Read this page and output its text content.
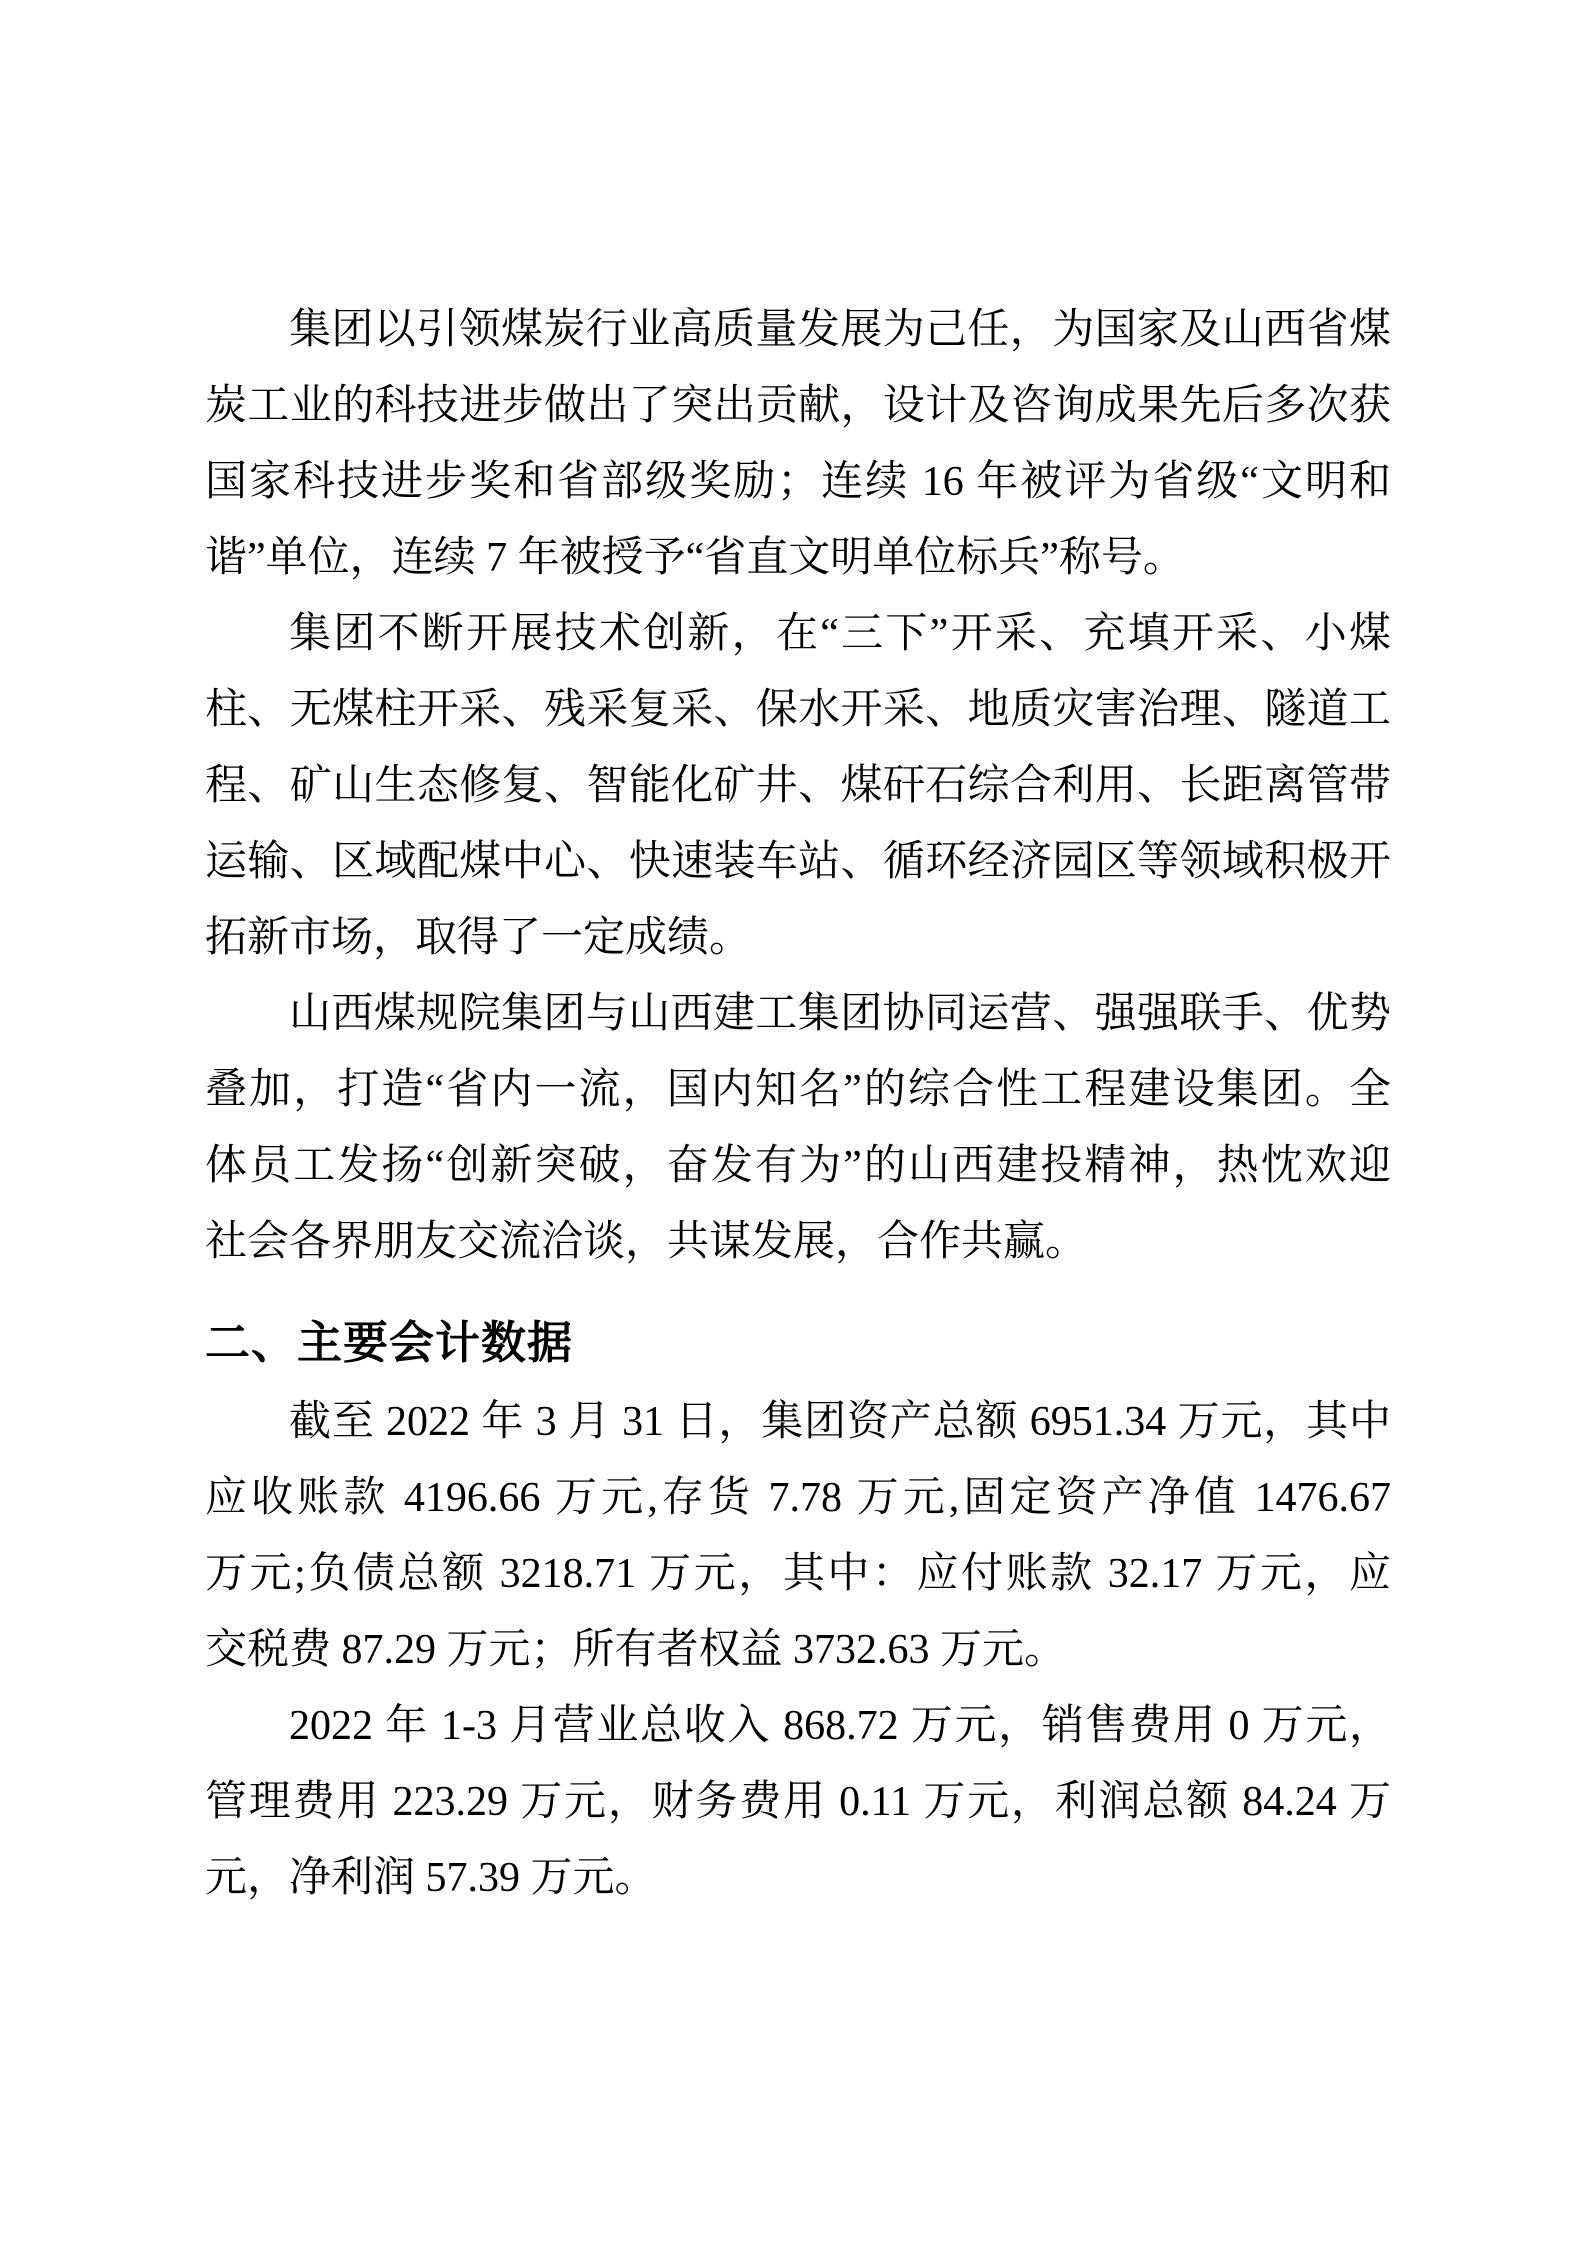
集团以引领煤炭行业高质量发展为己任，为国家及山西省煤
炭工业的科技进步做出了突出贡献，设计及咨询成果先后多次获
国家科技进步奖和省部级奖励；连续 16 年被评为省级“文明和
谐”单位，连续 7 年被授予“省直文明单位标兵”称号。
集团不断开展技术创新，在“三下”开采、充填开采、小煤
柱、无煤柱开采、残采复采、保水开采、地质灾害治理、隧道工
程、矿山生态修复、智能化矿井、煤矸石综合利用、长距离管带
运输、区域配煤中心、快速装车站、循环经济园区等领域积极开
拓新市场，取得了一定成绩。
山西煤规院集团与山西建工集团协同运营、强强联手、优势
叠加，打造“省内一流，国内知名”的综合性工程建设集团。全
体员工发扬“创新突破，奋发有为”的山西建投精神，热忱欢迎
社会各界朋友交流洽谈，共谋发展，合作共赢。
二、主要会计数据
截至 2022 年 3 月 31 日，集团资产总额 6951.34 万元，其中
应收账款 4196.66 万元,存货 7.78 万元,固定资产净值 1476.67
万元;负债总额 3218.71 万元，其中：应付账款 32.17 万元，应
交税费 87.29 万元；所有者权益 3732.63 万元。
2022 年 1-3 月营业总收入 868.72 万元，销售费用 0 万元，
管理费用 223.29 万元，财务费用 0.11 万元，利润总额 84.24 万
元，净利润 57.39 万元。
